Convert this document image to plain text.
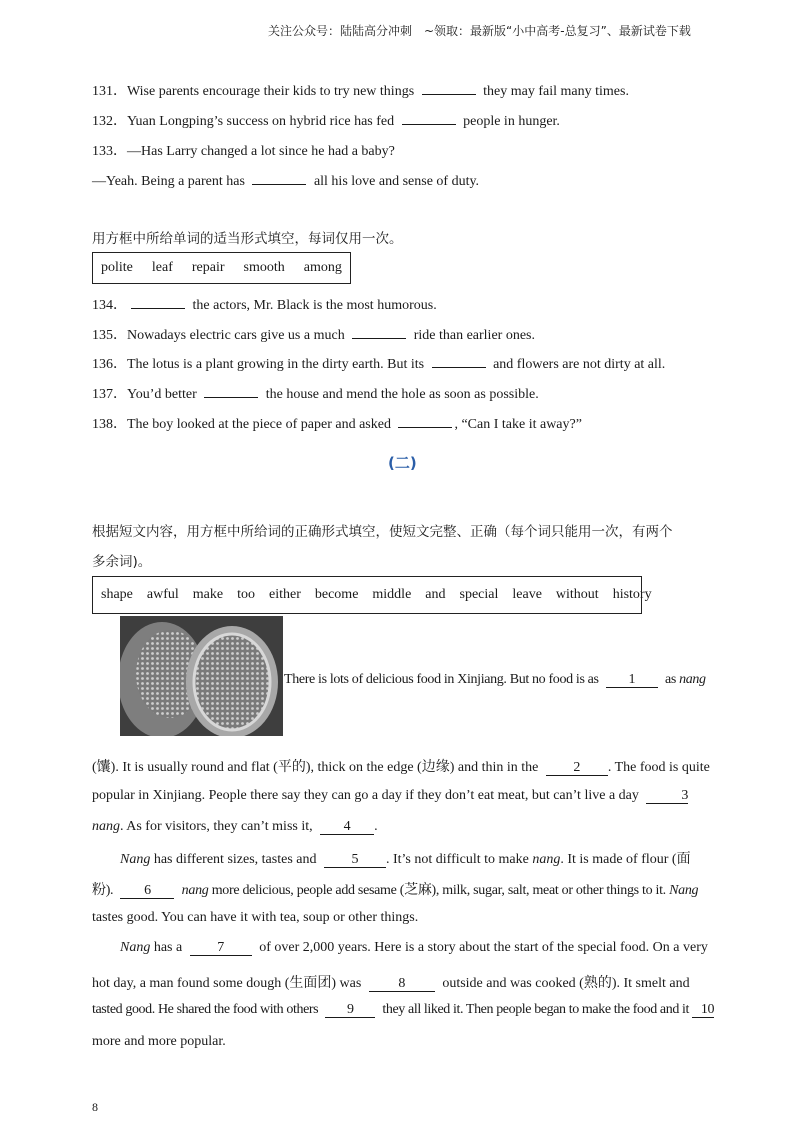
关注公众号：陆陆高分冲刺　~领取：最新版“小中高考-总复习”、最新试卷下载
131．Wise parents encourage their kids to try new things	they may fail many times.
132．Yuan Longping’s success on hybrid rice has fed	people in hunger.
133．—Has Larry changed a lot since he had a baby?
—Yeah. Being a parent has	all his love and sense of duty.
用方框中所给单词的适当形式填空，每词仅用一次。
polite leaf repair smooth among
134．	the actors, Mr. Black is the most humorous.
135．Nowadays electric cars give us a much	ride than earlier ones.
136．The lotus is a plant growing in the dirty earth. But its	and flowers are not dirty at all.
137．You’d better	the house and mend the hole as soon as possible.
138．The boy looked at the piece of paper and asked	, “Can I take it away?”
(二)
根据短文内容，用方框中所给词的正确形式填空，使短文完整、正确（每个词只能用一次，有两个
多余词)。
shape awful make too either become middle and special leave without history
There is lots of delicious food in Xinjiang. But no food is as 1 as nang
(馕). It is usually round and flat (平的), thick on the edge (边缘) and thin in the	2 . The food is quite
popular in Xinjiang. People there say they can go a day if they don’t eat meat, but can’t live a day	3
nang. As for visitors, they can’t miss it, 4 .
Nang has different sizes, tastes and	5 . It’s not difficult to make nang. It is made of flour (面
粉). 6 nang more delicious, people add sesame (芝麻), milk, sugar, salt, meat or other things to it. Nang
tastes good. You can have it with tea, soup or other things.
Nang has a	7	of over 2,000 years. Here is a story about the start of the special food. On a very
hot day, a man found some dough (生面团) was	8	outside and was cooked (熟的). It smelt and
tasted good. He shared the food with others 9 they all liked it. Then people began to make the food and it 10
more and more popular.
8
